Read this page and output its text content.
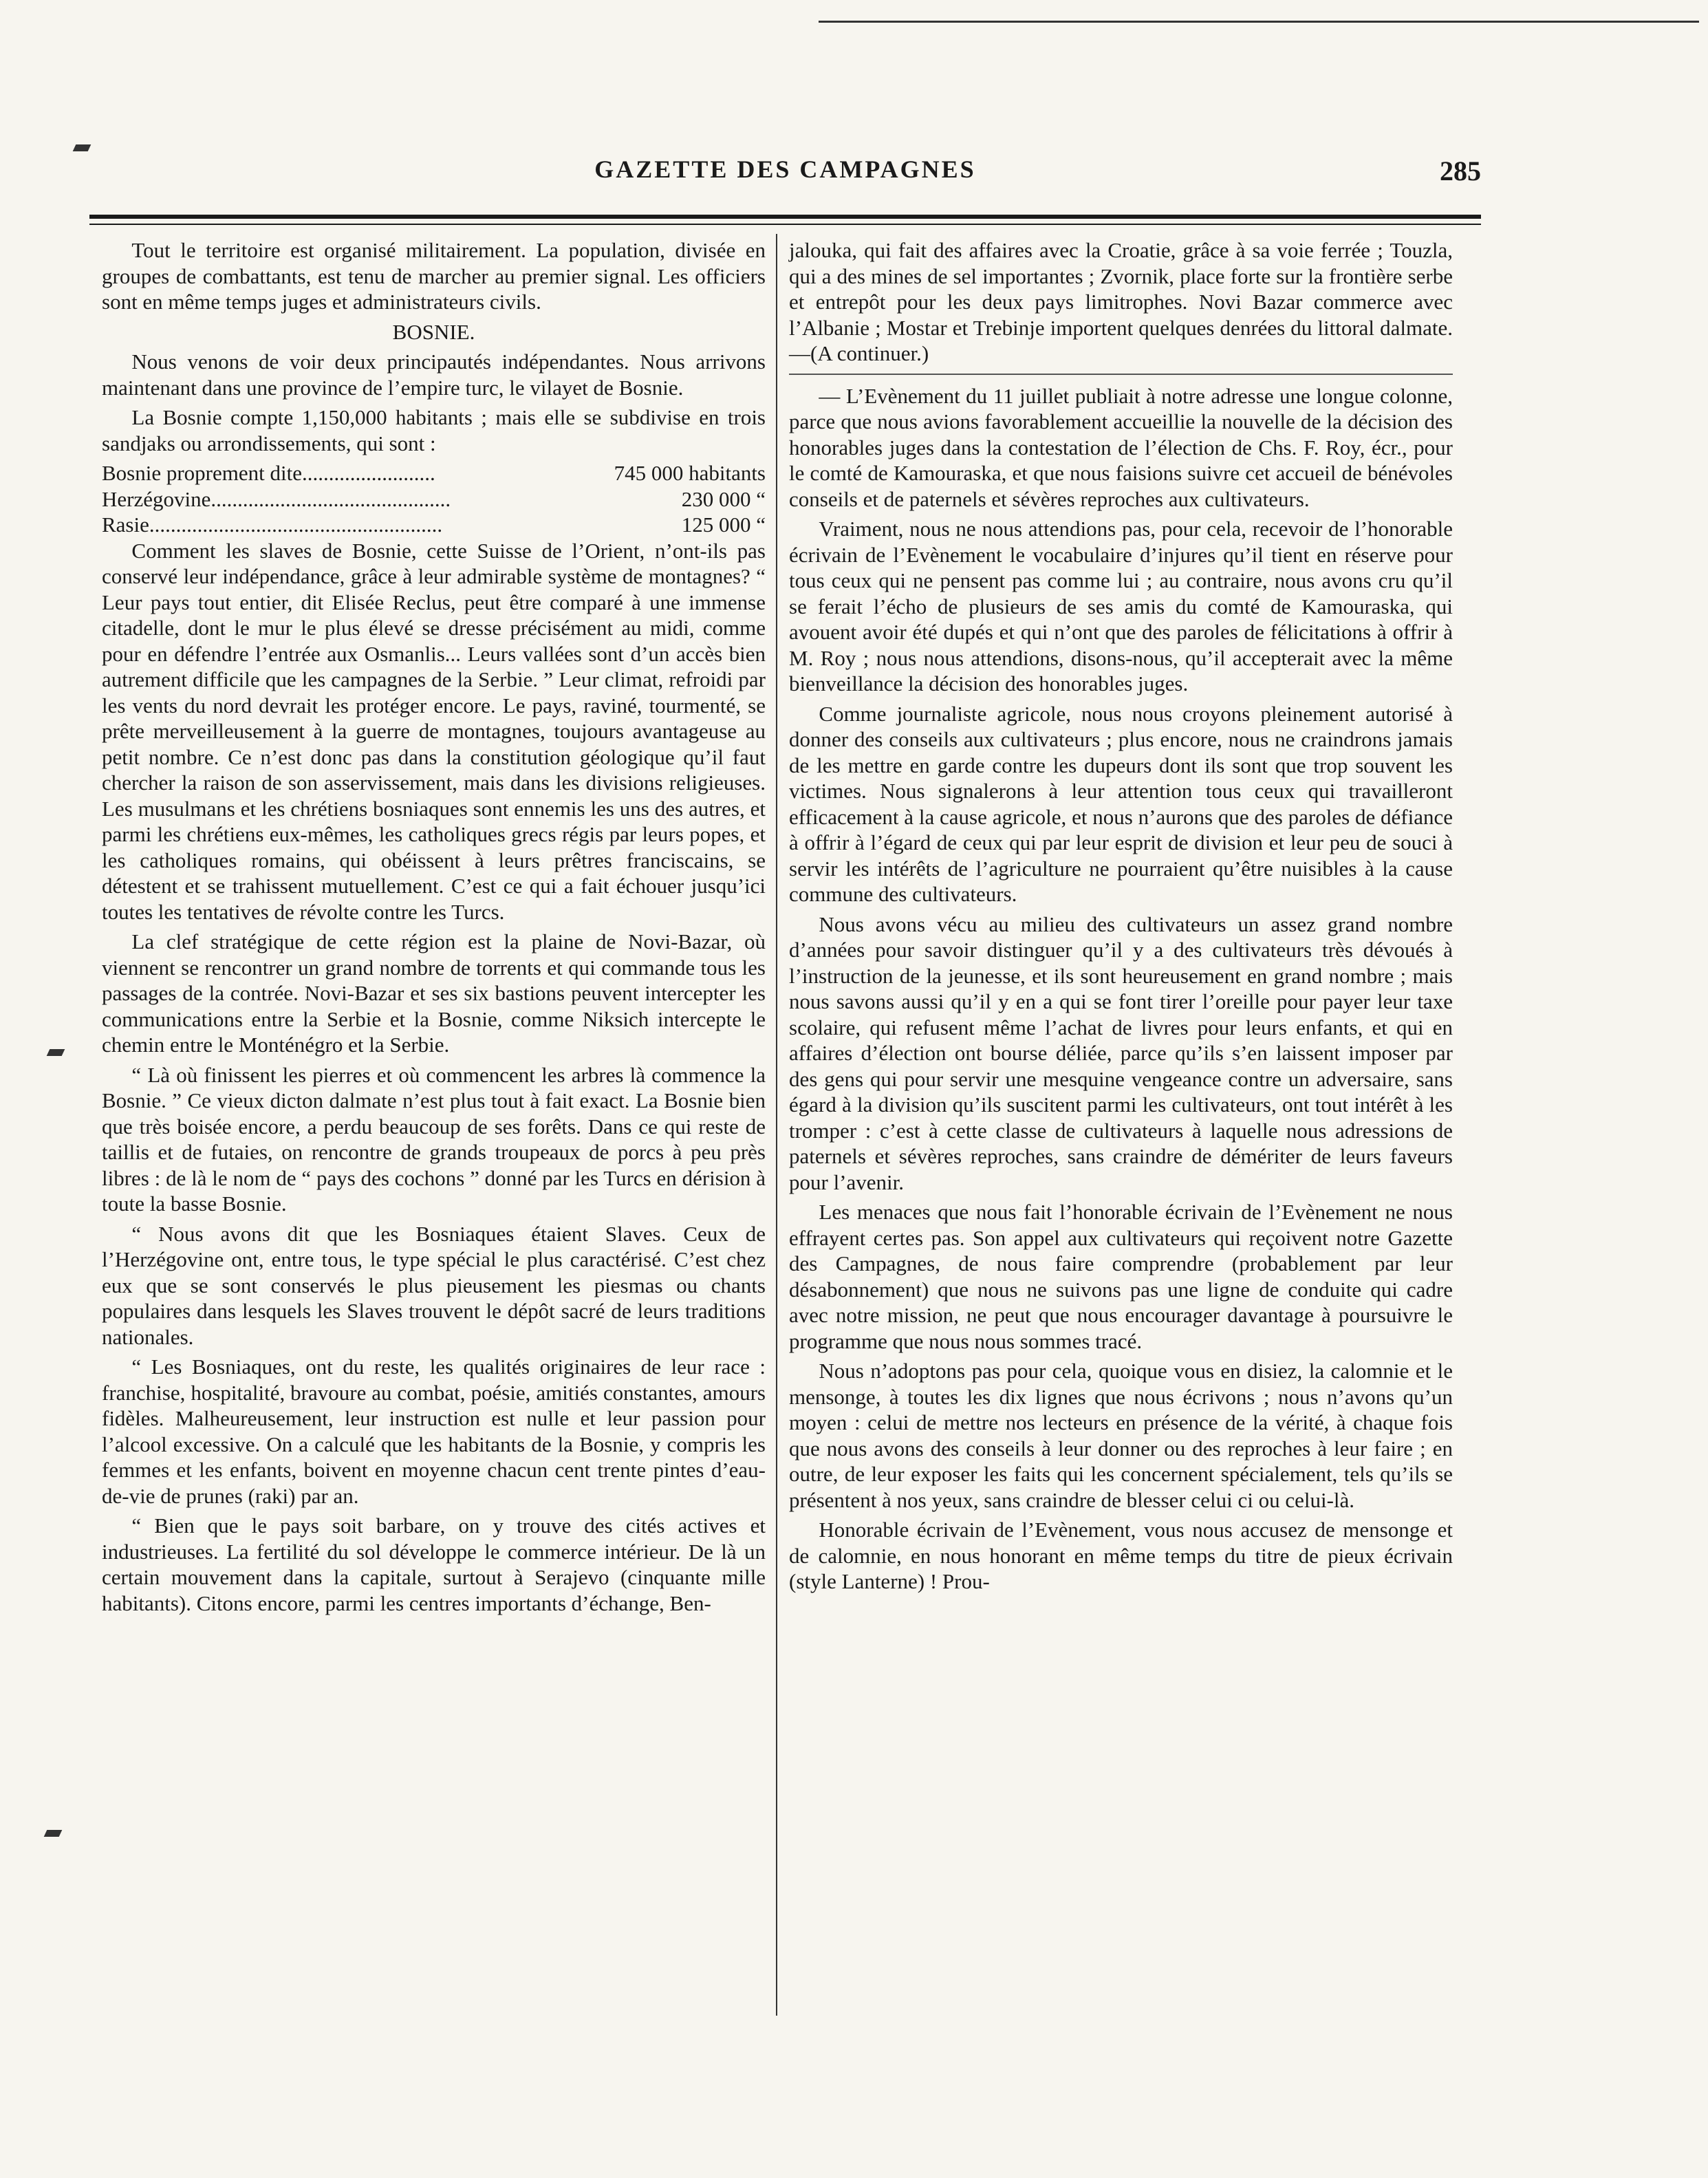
GAZETTE DES CAMPAGNES	285

Tout le territoire est organisé militairement. La population, divisée en groupes de combattants, est tenu de marcher au premier signal. Les officiers sont en même temps juges et administrateurs civils.

BOSNIE.

Nous venons de voir deux principautés indépendantes. Nous arrivons maintenant dans une province de l’empire turc, le vilayet de Bosnie.

La Bosnie compte 1,150,000 habitants ; mais elle se subdivise en trois sandjaks ou arrondissements, qui sont :

Bosnie proprement dite.........................	745 000 habitants
Herzégovine.............................................	230 000 “
Rasie.......................................................	125 000 “

Comment les slaves de Bosnie, cette Suisse de l’Orient, n’ont-ils pas conservé leur indépendance, grâce à leur admirable système de montagnes? “ Leur pays tout entier, dit Elisée Reclus, peut être comparé à une immense citadelle, dont le mur le plus élevé se dresse précisément au midi, comme pour en défendre l’entrée aux Osmanlis... Leurs vallées sont d’un accès bien autrement difficile que les campagnes de la Serbie. ” Leur climat, refroidi par les vents du nord devrait les protéger encore. Le pays, raviné, tourmenté, se prête merveilleusement à la guerre de montagnes, toujours avantageuse au petit nombre. Ce n’est donc pas dans la constitution géologique qu’il faut chercher la raison de son asservissement, mais dans les divisions religieuses. Les musulmans et les chrétiens bosniaques sont ennemis les uns des autres, et parmi les chrétiens eux-mêmes, les catholiques grecs régis par leurs popes, et les catholiques romains, qui obéissent à leurs prêtres franciscains, se détestent et se trahissent mutuellement. C’est ce qui a fait échouer jusqu’ici toutes les tentatives de révolte contre les Turcs.

La clef stratégique de cette région est la plaine de Novi-Bazar, où viennent se rencontrer un grand nombre de torrents et qui commande tous les passages de la contrée. Novi-Bazar et ses six bastions peuvent intercepter les communications entre la Serbie et la Bosnie, comme Niksich intercepte le chemin entre le Monténégro et la Serbie.

“ Là où finissent les pierres et où commencent les arbres là commence la Bosnie. ” Ce vieux dicton dalmate n’est plus tout à fait exact. La Bosnie bien que très boisée encore, a perdu beaucoup de ses forêts. Dans ce qui reste de taillis et de futaies, on rencontre de grands troupeaux de porcs à peu près libres : de là le nom de “ pays des cochons ” donné par les Turcs en dérision à toute la basse Bosnie.

“ Nous avons dit que les Bosniaques étaient Slaves. Ceux de l’Herzégovine ont, entre tous, le type spécial le plus caractérisé. C’est chez eux que se sont conservés le plus pieusement les piesmas ou chants populaires dans lesquels les Slaves trouvent le dépôt sacré de leurs traditions nationales.

“ Les Bosniaques, ont du reste, les qualités originaires de leur race : franchise, hospitalité, bravoure au combat, poésie, amitiés constantes, amours fidèles. Malheureusement, leur instruction est nulle et leur passion pour l’alcool excessive. On a calculé que les habitants de la Bosnie, y compris les femmes et les enfants, boivent en moyenne chacun cent trente pintes d’eau-de-vie de prunes (raki) par an.

“ Bien que le pays soit barbare, on y trouve des cités actives et industrieuses. La fertilité du sol développe le commerce intérieur. De là un certain mouvement dans la capitale, surtout à Serajevo (cinquante mille habitants). Citons encore, parmi les centres importants d’échange, Ben-

jalouka, qui fait des affaires avec la Croatie, grâce à sa voie ferrée ; Touzla, qui a des mines de sel importantes ; Zvornik, place forte sur la frontière serbe et entrepôt pour les deux pays limitrophes. Novi Bazar commerce avec l’Albanie ; Mostar et Trebinje importent quelques denrées du littoral dalmate.—(A continuer.)

— L’Evènement du 11 juillet publiait à notre adresse une longue colonne, parce que nous avions favorablement accueillie la nouvelle de la décision des honorables juges dans la contestation de l’élection de Chs. F. Roy, écr., pour le comté de Kamouraska, et que nous faisions suivre cet accueil de bénévoles conseils et de paternels et sévères reproches aux cultivateurs.

Vraiment, nous ne nous attendions pas, pour cela, recevoir de l’honorable écrivain de l’Evènement le vocabulaire d’injures qu’il tient en réserve pour tous ceux qui ne pensent pas comme lui ; au contraire, nous avons cru qu’il se ferait l’écho de plusieurs de ses amis du comté de Kamouraska, qui avouent avoir été dupés et qui n’ont que des paroles de félicitations à offrir à M. Roy ; nous nous attendions, disons-nous, qu’il accepterait avec la même bienveillance la décision des honorables juges.

Comme journaliste agricole, nous nous croyons pleinement autorisé à donner des conseils aux cultivateurs ; plus encore, nous ne craindrons jamais de les mettre en garde contre les dupeurs dont ils sont que trop souvent les victimes. Nous signalerons à leur attention tous ceux qui travailleront efficacement à la cause agricole, et nous n’aurons que des paroles de défiance à offrir à l’égard de ceux qui par leur esprit de division et leur peu de souci à servir les intérêts de l’agriculture ne pourraient qu’être nuisibles à la cause commune des cultivateurs.

Nous avons vécu au milieu des cultivateurs un assez grand nombre d’années pour savoir distinguer qu’il y a des cultivateurs très dévoués à l’instruction de la jeunesse, et ils sont heureusement en grand nombre ; mais nous savons aussi qu’il y en a qui se font tirer l’oreille pour payer leur taxe scolaire, qui refusent même l’achat de livres pour leurs enfants, et qui en affaires d’élection ont bourse déliée, parce qu’ils s’en laissent imposer par des gens qui pour servir une mesquine vengeance contre un adversaire, sans égard à la division qu’ils suscitent parmi les cultivateurs, ont tout intérêt à les tromper : c’est à cette classe de cultivateurs à laquelle nous adressions de paternels et sévères reproches, sans craindre de démériter de leurs faveurs pour l’avenir.

Les menaces que nous fait l’honorable écrivain de l’Evènement ne nous effrayent certes pas. Son appel aux cultivateurs qui reçoivent notre Gazette des Campagnes, de nous faire comprendre (probablement par leur désabonnement) que nous ne suivons pas une ligne de conduite qui cadre avec notre mission, ne peut que nous encourager davantage à poursuivre le programme que nous nous sommes tracé.

Nous n’adoptons pas pour cela, quoique vous en disiez, la calomnie et le mensonge, à toutes les dix lignes que nous écrivons ; nous n’avons qu’un moyen : celui de mettre nos lecteurs en présence de la vérité, à chaque fois que nous avons des conseils à leur donner ou des reproches à leur faire ; en outre, de leur exposer les faits qui les concernent spécialement, tels qu’ils se présentent à nos yeux, sans craindre de blesser celui ci ou celui-là.

Honorable écrivain de l’Evènement, vous nous accusez de mensonge et de calomnie, en nous honorant en même temps du titre de pieux écrivain (style Lanterne) ! Prou-
